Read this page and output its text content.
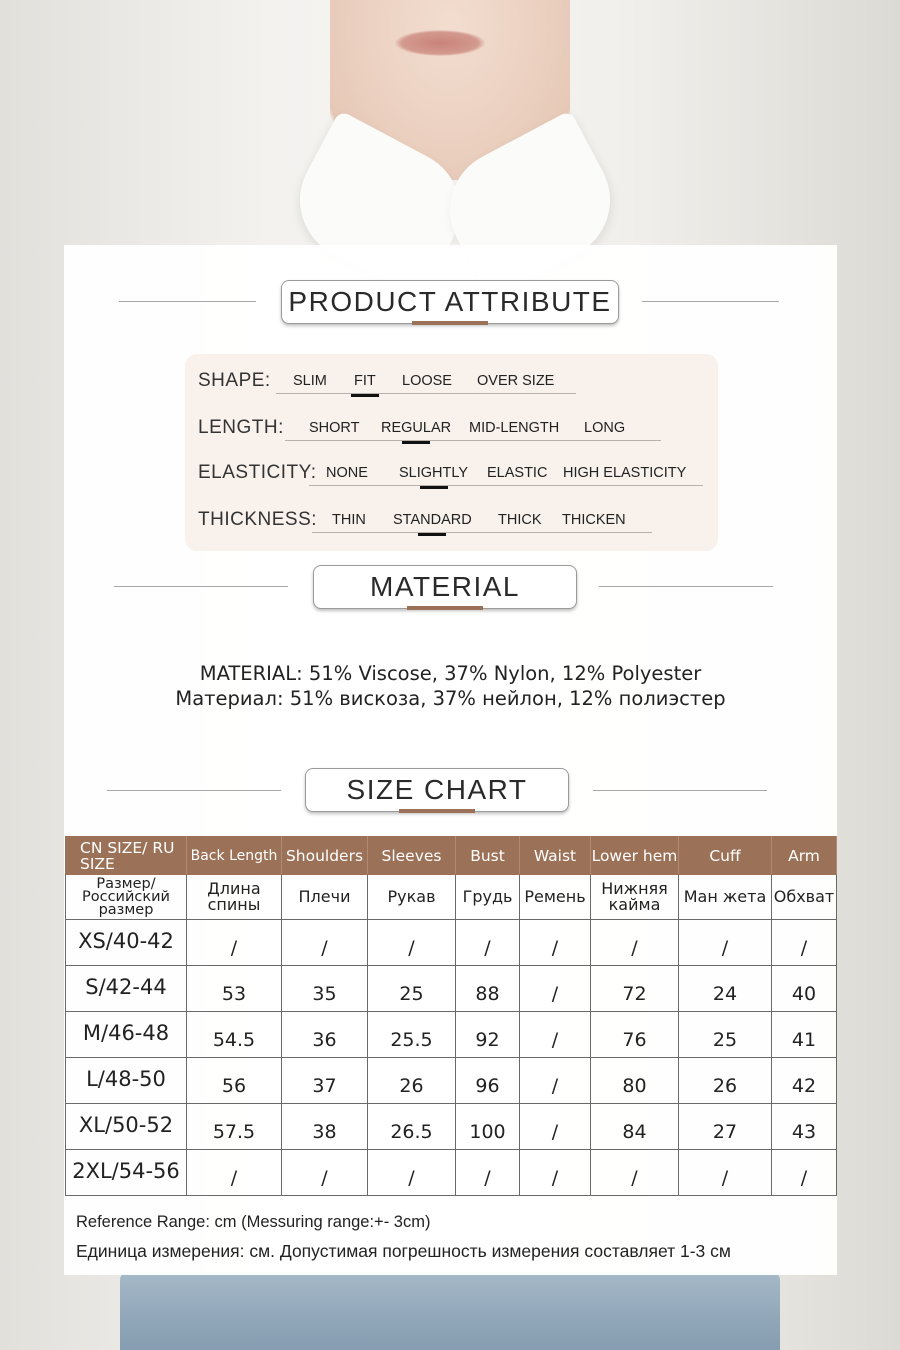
PRODUCT ATTRIBUTE
SHAPE: SLIM FIT LOOSE OVER SIZE
LENGTH: SHORT REGULAR MID-LENGTH LONG
ELASTICITY: NONE SLIGHTLY ELASTIC HIGH ELASTICITY
THICKNESS: THIN STANDARD THICK THICKEN
MATERIAL
MATERIAL: 51% Viscose, 37% Nylon, 12% Polyester
Материал: 51% вискоза, 37% нейлон, 12% полиэстер
SIZE CHART
CN SIZE/ RU SIZE	Back Length	Shoulders	Sleeves	Bust	Waist	Lower hem	Cuff	Arm
Размер/ Российский размер	Длина спины	Плечи	Рукав	Грудь	Ремень	Нижняя кайма	Ман жета	Обхват
XS/40-42	/	/	/	/	/	/	/	/
S/42-44	53	35	25	88	/	72	24	40
M/46-48	54.5	36	25.5	92	/	76	25	41
L/48-50	56	37	26	96	/	80	26	42
XL/50-52	57.5	38	26.5	100	/	84	27	43
2XL/54-56	/	/	/	/	/	/	/	/
Reference Range: cm (Messuring range:+- 3cm)
Единица измерения: см. Допустимая погрешность измерения составляет 1-3 см
